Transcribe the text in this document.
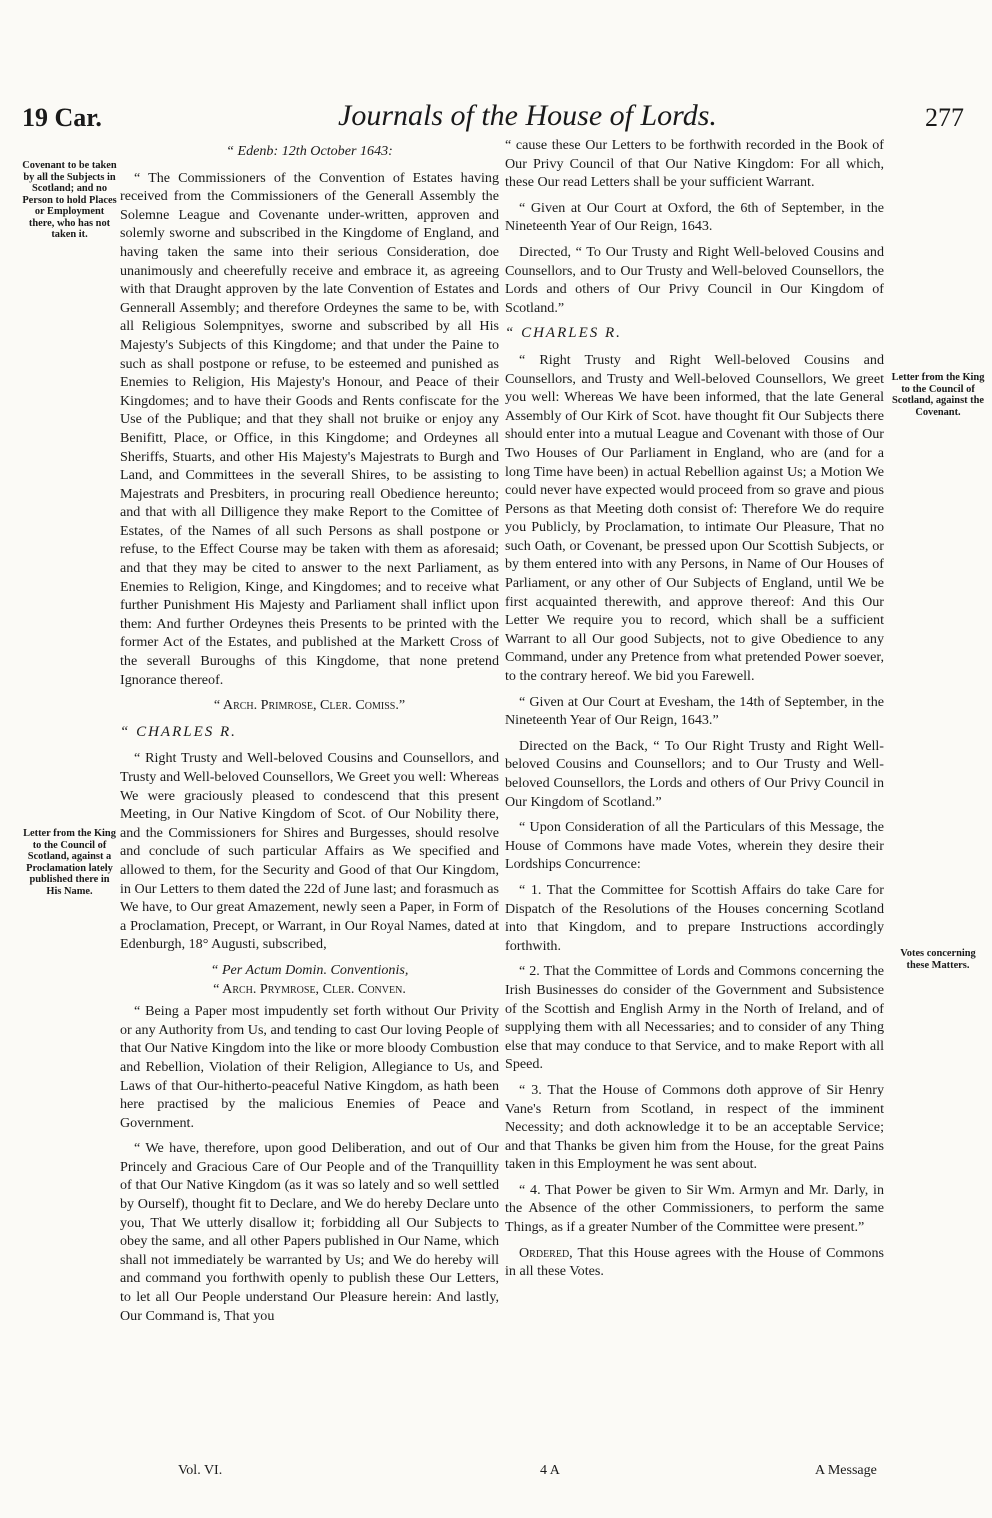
19 Car.	Journals of the House of Lords.	277
Covenant to be taken by all the Subjects in Scotland; and no Person to hold Places or Employment there, who has not taken it.
Letter from the King to the Council of Scotland, against a Proclamation lately published there in His Name.
Letter from the King to the Council of Scotland, against the Covenant.
Votes concerning these Matters.

“ Edenb: 12th October 1643:

“ The Commissioners of the Convention of Estates having received from the Commissioners of the Generall Assembly the Solemne League and Covenante under-written, approven and solemly sworne and subscribed in the Kingdome of England, and having taken the same into their serious Consideration, doe unanimously and cheerefully receive and embrace it, as agreeing with that Draught approven by the late Convention of Estates and Gennerall Assembly; and therefore Ordeynes the same to be, with all Religious Solempnityes, sworne and subscribed by all His Majesty's Subjects of this Kingdome; and that under the Paine to such as shall postpone or refuse, to be esteemed and punished as Enemies to Religion, His Majesty's Honour, and Peace of their Kingdomes; and to have their Goods and Rents confiscate for the Use of the Publique; and that they shall not bruike or enjoy any Benifitt, Place, or Office, in this Kingdome; and Ordeynes all Sheriffs, Stuarts, and other His Majesty's Majestrats to Burgh and Land, and Committees in the severall Shires, to be assisting to Majestrats and Presbiters, in procuring reall Obedience hereunto; and that with all Dilligence they make Report to the Comittee of Estates, of the Names of all such Persons as shall postpone or refuse, to the Effect Course may be taken with them as aforesaid; and that they may be cited to answer to the next Parliament, as Enemies to Religion, Kinge, and Kingdomes; and to receive what further Punishment His Majesty and Parliament shall inflict upon them: And further Ordeynes theis Presents to be printed with the former Act of the Estates, and published at the Markett Cross of the severall Buroughs of this Kingdome, that none pretend Ignorance thereof.

“ Arch. Primrose, Cler. Comiss.”

“ CHARLES R.

“ Right Trusty and Well-beloved Cousins and Counsellors, and Trusty and Well-beloved Counsellors, We Greet you well: Whereas We were graciously pleased to condescend that this present Meeting, in Our Native Kingdom of Scot. of Our Nobility there, and the Commissioners for Shires and Burgesses, should resolve and conclude of such particular Affairs as We specified and allowed to them, for the Security and Good of that Our Kingdom, in Our Letters to them dated the 22d of June last; and forasmuch as We have, to Our great Amazement, newly seen a Paper, in Form of a Proclamation, Precept, or Warrant, in Our Royal Names, dated at Edenburgh, 18° Augusti, subscribed,

“ Per Actum Domin. Conventionis,

“ Arch. Prymrose, Cler. Conven.

“ Being a Paper most impudently set forth without Our Privity or any Authority from Us, and tending to cast Our loving People of that Our Native Kingdom into the like or more bloody Combustion and Rebellion, Violation of their Religion, Allegiance to Us, and Laws of that Our-hitherto-peaceful Native Kingdom, as hath been here practised by the malicious Enemies of Peace and Government.

“ We have, therefore, upon good Deliberation, and out of Our Princely and Gracious Care of Our People and of the Tranquillity of that Our Native Kingdom (as it was so lately and so well settled by Ourself), thought fit to Declare, and We do hereby Declare unto you, That We utterly disallow it; forbidding all Our Subjects to obey the same, and all other Papers published in Our Name, which shall not immediately be warranted by Us; and We do hereby will and command you forthwith openly to publish these Our Letters, to let all Our People understand Our Pleasure herein: And lastly, Our Command is, That you

“ cause these Our Letters to be forthwith recorded in the Book of Our Privy Council of that Our Native Kingdom: For all which, these Our read Letters shall be your sufficient Warrant.

“ Given at Our Court at Oxford, the 6th of September, in the Nineteenth Year of Our Reign, 1643.

Directed, “ To Our Trusty and Right Well-beloved Cousins and Counsellors, and to Our Trusty and Well-beloved Counsellors, the Lords and others of Our Privy Council in Our Kingdom of Scotland.”

“ CHARLES R.

“ Right Trusty and Right Well-beloved Cousins and Counsellors, and Trusty and Well-beloved Counsellors, We greet you well: Whereas We have been informed, that the late General Assembly of Our Kirk of Scot. have thought fit Our Subjects there should enter into a mutual League and Covenant with those of Our Two Houses of Our Parliament in England, who are (and for a long Time have been) in actual Rebellion against Us; a Motion We could never have expected would proceed from so grave and pious Persons as that Meeting doth consist of: Therefore We do require you Publicly, by Proclamation, to intimate Our Pleasure, That no such Oath, or Covenant, be pressed upon Our Scottish Subjects, or by them entered into with any Persons, in Name of Our Houses of Parliament, or any other of Our Subjects of England, until We be first acquainted therewith, and approve thereof: And this Our Letter We require you to record, which shall be a sufficient Warrant to all Our good Subjects, not to give Obedience to any Command, under any Pretence from what pretended Power soever, to the contrary hereof. We bid you Farewell.

“ Given at Our Court at Evesham, the 14th of September, in the Nineteenth Year of Our Reign, 1643.”

Directed on the Back, “ To Our Right Trusty and Right Well-beloved Cousins and Counsellors; and to Our Trusty and Well-beloved Counsellors, the Lords and others of Our Privy Council in Our Kingdom of Scotland.”

“ Upon Consideration of all the Particulars of this Message, the House of Commons have made Votes, wherein they desire their Lordships Concurrence:

“ 1. That the Committee for Scottish Affairs do take Care for Dispatch of the Resolutions of the Houses concerning Scotland into that Kingdom, and to prepare Instructions accordingly forthwith.

“ 2. That the Committee of Lords and Commons concerning the Irish Businesses do consider of the Government and Subsistence of the Scottish and English Army in the North of Ireland, and of supplying them with all Necessaries; and to consider of any Thing else that may conduce to that Service, and to make Report with all Speed.

“ 3. That the House of Commons doth approve of Sir Henry Vane's Return from Scotland, in respect of the imminent Necessity; and doth acknowledge it to be an acceptable Service; and that Thanks be given him from the House, for the great Pains taken in this Employment he was sent about.

“ 4. That Power be given to Sir Wm. Armyn and Mr. Darly, in the Absence of the other Commissioners, to perform the same Things, as if a greater Number of the Committee were present.”

Ordered, That this House agrees with the House of Commons in all these Votes.

Vol. VI.	4 A	A Message
